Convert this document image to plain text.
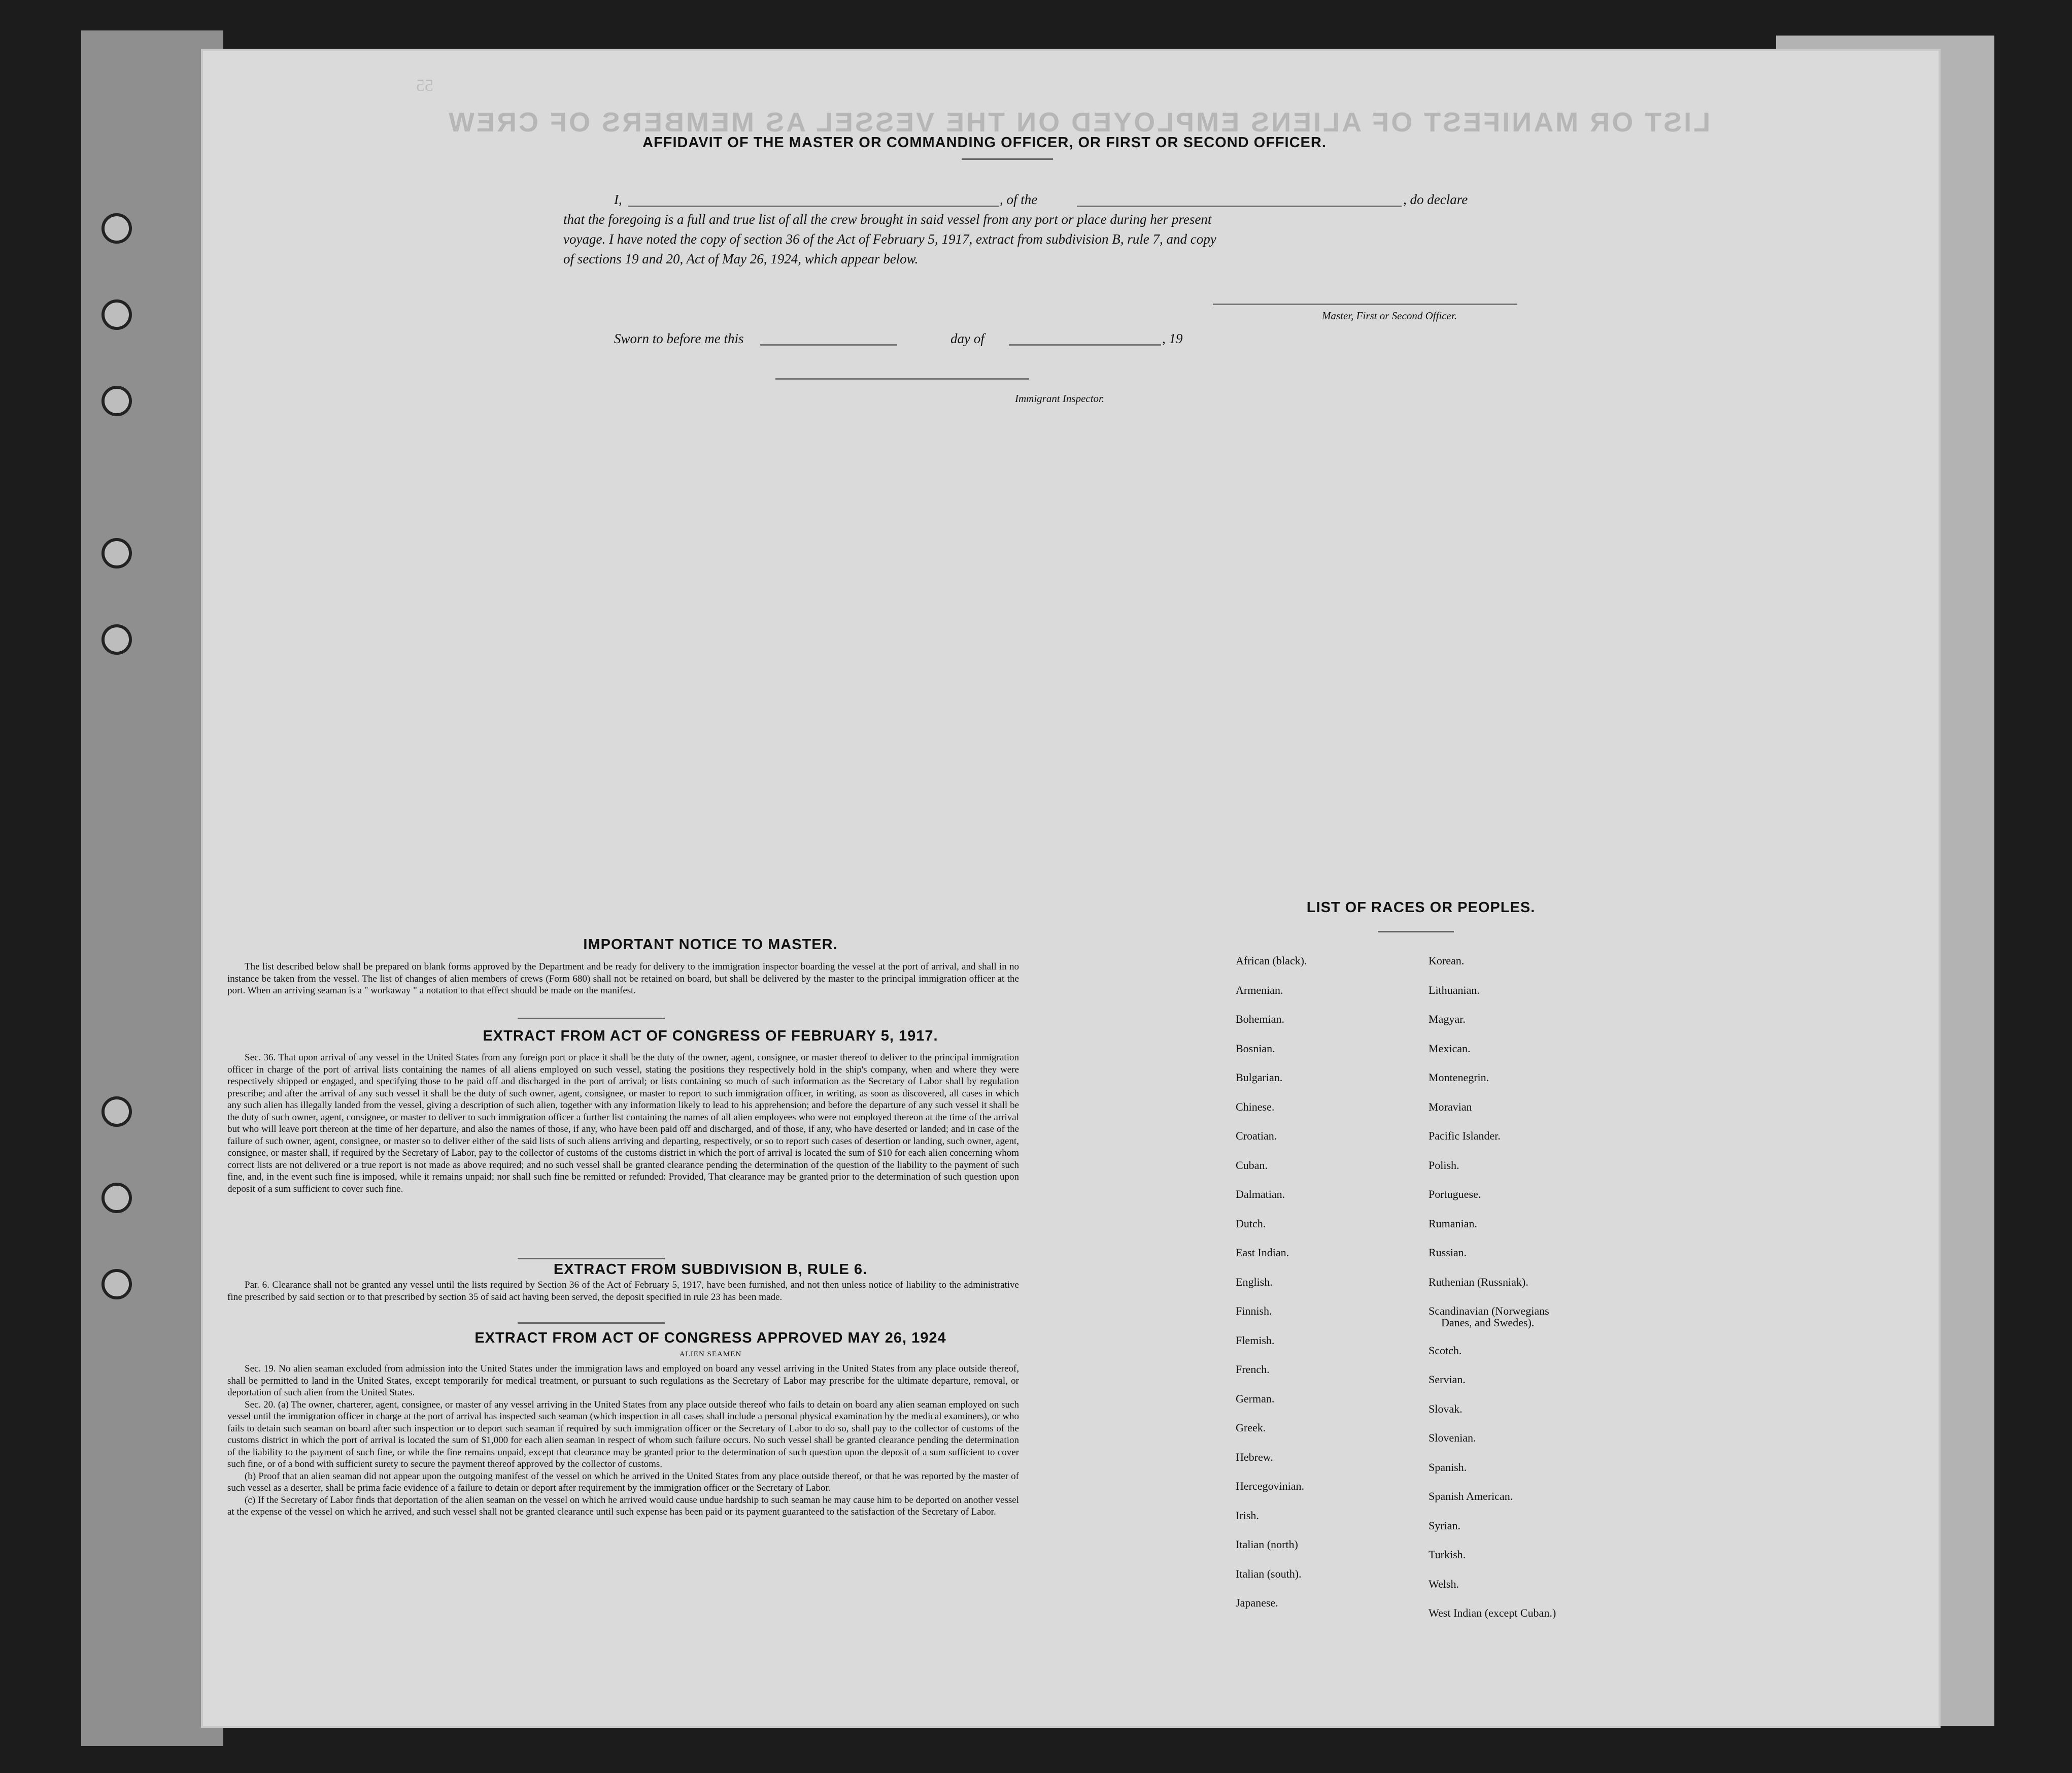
LIST OR MANIFEST OF ALIENS EMPLOYED ON THE VESSEL AS MEMBERS OF CREW
55
AFFIDAVIT OF THE MASTER OR COMMANDING OFFICER, OR FIRST OR SECOND OFFICER.
I,	, of the	, do declare
that the foregoing is a full and true list of all the crew brought in said vessel from any port or place during her present
voyage. I have noted the copy of section 36 of the Act of February 5, 1917, extract from subdivision B, rule 7, and copy
of sections 19 and 20, Act of May 26, 1924, which appear below.
Master, First or Second Officer.
Sworn to before me this	day of	, 19
Immigrant Inspector.
IMPORTANT NOTICE TO MASTER.

The list described below shall be prepared on blank forms approved by the Department and be ready for delivery to the immigration inspector boarding the vessel at the port of arrival, and shall in no instance be taken from the vessel. The list of changes of alien members of crews (Form 680) shall not be retained on board, but shall be delivered by the master to the principal immigration officer at the port. When an arriving seaman is a " workaway " a notation to that effect should be made on the manifest.

EXTRACT FROM ACT OF CONGRESS OF FEBRUARY 5, 1917.

Sec. 36. That upon arrival of any vessel in the United States from any foreign port or place it shall be the duty of the owner, agent, consignee, or master thereof to deliver to the principal immigration officer in charge of the port of arrival lists containing the names of all aliens employed on such vessel, stating the positions they respectively hold in the ship's company, when and where they were respectively shipped or engaged, and specifying those to be paid off and discharged in the port of arrival; or lists containing so much of such information as the Secretary of Labor shall by regulation prescribe; and after the arrival of any such vessel it shall be the duty of such owner, agent, consignee, or master to report to such immigration officer, in writing, as soon as discovered, all cases in which any such alien has illegally landed from the vessel, giving a description of such alien, together with any information likely to lead to his apprehension; and before the departure of any such vessel it shall be the duty of such owner, agent, consignee, or master to deliver to such immigration officer a further list containing the names of all alien employees who were not employed thereon at the time of the arrival but who will leave port thereon at the time of her departure, and also the names of those, if any, who have been paid off and discharged, and of those, if any, who have deserted or landed; and in case of the failure of such owner, agent, consignee, or master so to deliver either of the said lists of such aliens arriving and departing, respectively, or so to report such cases of desertion or landing, such owner, agent, consignee, or master shall, if required by the Secretary of Labor, pay to the collector of customs of the customs district in which the port of arrival is located the sum of $10 for each alien concerning whom correct lists are not delivered or a true report is not made as above required; and no such vessel shall be granted clearance pending the determination of the question of the liability to the payment of such fine, and, in the event such fine is imposed, while it remains unpaid; nor shall such fine be remitted or refunded: Provided, That clearance may be granted prior to the determination of such question upon deposit of a sum sufficient to cover such fine.

EXTRACT FROM SUBDIVISION B, RULE 6.

Par. 6. Clearance shall not be granted any vessel until the lists required by Section 36 of the Act of February 5, 1917, have been furnished, and not then unless notice of liability to the administrative fine prescribed by said section or to that prescribed by section 35 of said act having been served, the deposit specified in rule 23 has been made.

EXTRACT FROM ACT OF CONGRESS APPROVED MAY 26, 1924
ALIEN SEAMEN

Sec. 19. No alien seaman excluded from admission into the United States under the immigration laws and employed on board any vessel arriving in the United States from any place outside thereof, shall be permitted to land in the United States, except temporarily for medical treatment, or pursuant to such regulations as the Secretary of Labor may prescribe for the ultimate departure, removal, or deportation of such alien from the United States.

Sec. 20. (a) The owner, charterer, agent, consignee, or master of any vessel arriving in the United States from any place outside thereof who fails to detain on board any alien seaman employed on such vessel until the immigration officer in charge at the port of arrival has inspected such seaman (which inspection in all cases shall include a personal physical examination by the medical examiners), or who fails to detain such seaman on board after such inspection or to deport such seaman if required by such immigration officer or the Secretary of Labor to do so, shall pay to the collector of customs of the customs district in which the port of arrival is located the sum of $1,000 for each alien seaman in respect of whom such failure occurs. No such vessel shall be granted clearance pending the determination of the liability to the payment of such fine, or while the fine remains unpaid, except that clearance may be granted prior to the determination of such question upon the deposit of a sum sufficient to cover such fine, or of a bond with sufficient surety to secure the payment thereof approved by the collector of customs.

(b) Proof that an alien seaman did not appear upon the outgoing manifest of the vessel on which he arrived in the United States from any place outside thereof, or that he was reported by the master of such vessel as a deserter, shall be prima facie evidence of a failure to detain or deport after requirement by the immigration officer or the Secretary of Labor.

(c) If the Secretary of Labor finds that deportation of the alien seaman on the vessel on which he arrived would cause undue hardship to such seaman he may cause him to be deported on another vessel at the expense of the vessel on which he arrived, and such vessel shall not be granted clearance until such expense has been paid or its payment guaranteed to the satisfaction of the Secretary of Labor.

LIST OF RACES OR PEOPLES.
Danes, and Swedes).
African (black).
Armenian.
Bohemian.
Bosnian.
Bulgarian.
Chinese.
Croatian.
Cuban.
Dalmatian.
Dutch.
East Indian.
English.
Finnish.
Flemish.
French.
German.
Greek.
Hebrew.
Hercegovinian.
Irish.
Italian (north)
Italian (south).
Japanese.
Korean.
Lithuanian.
Magyar.
Mexican.
Montenegrin.
Moravian
Pacific Islander.
Polish.
Portuguese.
Rumanian.
Russian.
Ruthenian (Russniak).
Scandinavian (Norwegians
Scotch.
Servian.
Slovak.
Slovenian.
Spanish.
Spanish American.
Syrian.
Turkish.
Welsh.
West Indian (except Cuban.)
